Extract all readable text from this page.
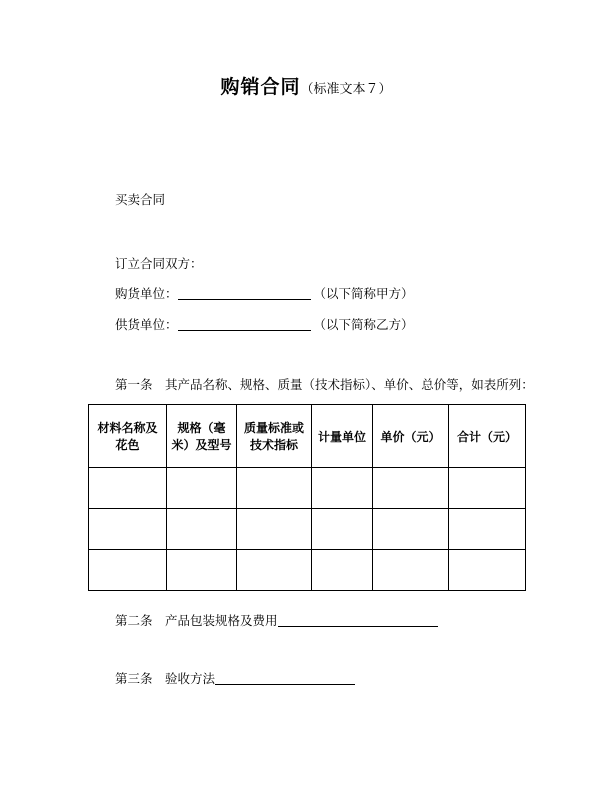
购销合同（标准文本７）
买卖合同
订立合同双方：
购货单位：	（以下简称甲方）
供货单位：	（以下简称乙方）
第一条　其产品名称、规格、质量（技术指标）、单价、总价等，如表所列：
材料名称及花色	规格（毫米）及型号	质量标准或技术指标	计量单位	单价（元）	合计（元）

第二条　产品包装规格及费用
第三条　验收方法
